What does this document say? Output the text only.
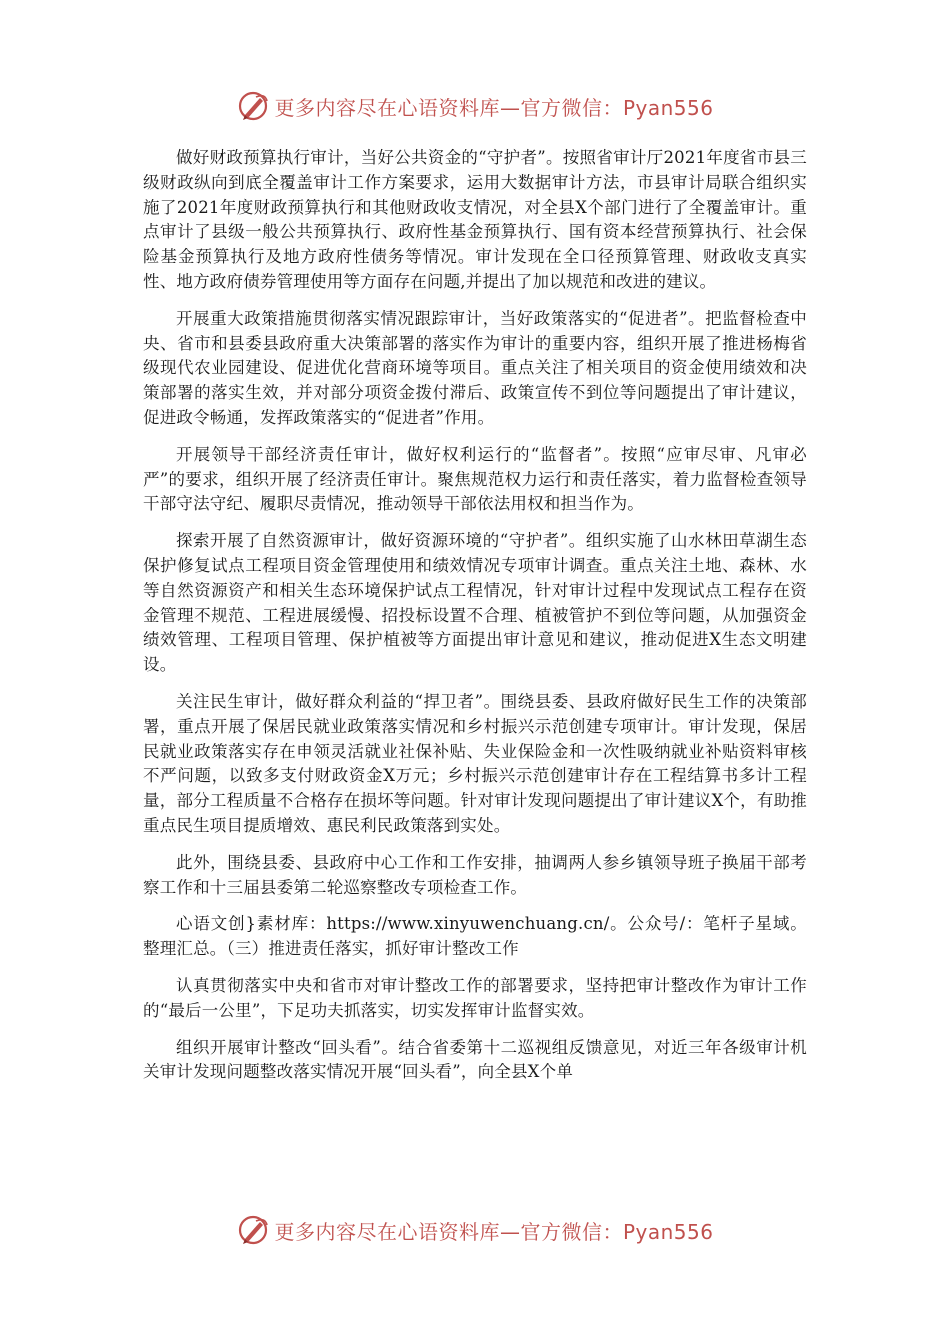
更多内容尽在心语资料库—官方微信：Pyan556

做好财政预算执行审计，当好公共资金的“守护者”。按照省审计厅2021年度省市县三级财政纵向到底全覆盖审计工作方案要求，运用大数据审计方法，市县审计局联合组织实施了2021年度财政预算执行和其他财政收支情况，对全县X个部门进行了全覆盖审计。重点审计了县级一般公共预算执行、政府性基金预算执行、国有资本经营预算执行、社会保险基金预算执行及地方政府性债务等情况。审计发现在全口径预算管理、财政收支真实性、地方政府债券管理使用等方面存在问题,并提出了加以规范和改进的建议。

开展重大政策措施贯彻落实情况跟踪审计，当好政策落实的“促进者”。把监督检查中央、省市和县委县政府重大决策部署的落实作为审计的重要内容，组织开展了推进杨梅省级现代农业园建设、促进优化营商环境等项目。重点关注了相关项目的资金使用绩效和决策部署的落实生效，并对部分项资金拨付滞后、政策宣传不到位等问题提出了审计建议，促进政令畅通，发挥政策落实的“促进者”作用。

开展领导干部经济责任审计，做好权利运行的“监督者”。按照“应审尽审、凡审必严”的要求，组织开展了经济责任审计。聚焦规范权力运行和责任落实，着力监督检查领导干部守法守纪、履职尽责情况，推动领导干部依法用权和担当作为。

探索开展了自然资源审计，做好资源环境的“守护者”。组织实施了山水林田草湖生态保护修复试点工程项目资金管理使用和绩效情况专项审计调查。重点关注土地、森林、水等自然资源资产和相关生态环境保护试点工程情况，针对审计过程中发现试点工程存在资金管理不规范、工程进展缓慢、招投标设置不合理、植被管护不到位等问题，从加强资金绩效管理、工程项目管理、保护植被等方面提出审计意见和建议，推动促进X生态文明建设。

关注民生审计，做好群众利益的“捍卫者”。围绕县委、县政府做好民生工作的决策部署，重点开展了保居民就业政策落实情况和乡村振兴示范创建专项审计。审计发现，保居民就业政策落实存在申领灵活就业社保补贴、失业保险金和一次性吸纳就业补贴资料审核不严问题，以致多支付财政资金X万元；乡村振兴示范创建审计存在工程结算书多计工程量，部分工程质量不合格存在损坏等问题。针对审计发现问题提出了审计建议X个，有助推重点民生项目提质增效、惠民利民政策落到实处。

此外，围绕县委、县政府中心工作和工作安排，抽调两人参乡镇领导班子换届干部考察工作和十三届县委第二轮巡察整改专项检查工作。

心语文创}素材库：https://www.xinyuwenchuang.cn/。公众号/：笔杆子星域。整理汇总。（三）推进责任落实，抓好审计整改工作

认真贯彻落实中央和省市对审计整改工作的部署要求，坚持把审计整改作为审计工作的“最后一公里”，下足功夫抓落实，切实发挥审计监督实效。

组织开展审计整改“回头看”。结合省委第十二巡视组反馈意见，对近三年各级审计机关审计发现问题整改落实情况开展“回头看”，向全县X个单

更多内容尽在心语资料库—官方微信：Pyan556
